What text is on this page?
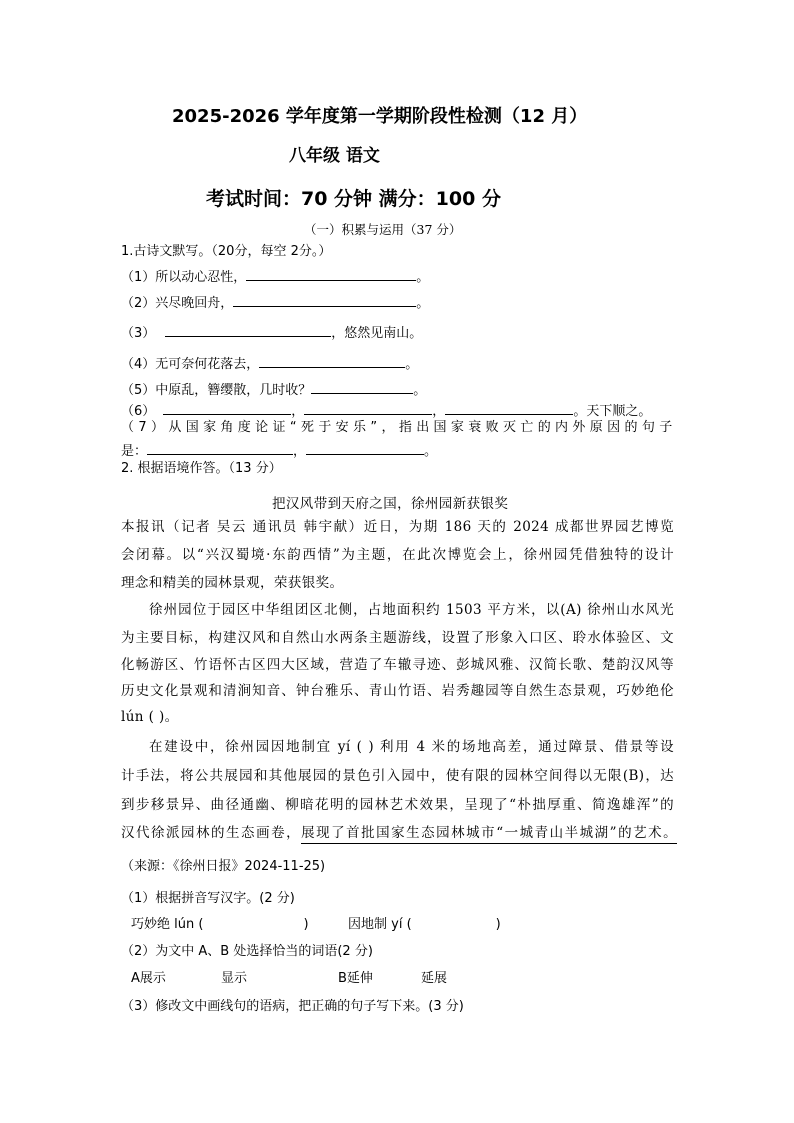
2025-2026 学年度第一学期阶段性检测（12 月）
八年级 语文
考试时间：70 分钟 满分：100 分
（一）积累与运用（37 分）
1.古诗文默写。（20分，每空 2分。）
（1）所以动心忍性，	。
（2）兴尽晚回舟，	。
（3）	，悠然见南山。
（4）无可奈何花落去，	。
（5）中原乱，簪缨散，几时收？	。
（6）	，	，	。天下顺之。
（7）从国家角度论证“死于安乐”，指出国家衰败灭亡的内外原因的句子
是：	，	。
2. 根据语境作答。（13 分）
把汉风带到天府之国，徐州园新获银奖
本报讯（记者 吴云 通讯员 韩宇献）近日，为期 186 天的 2024 成都世界园艺博览
会闭幕。以“兴汉蜀境·东韵西情”为主题，在此次博览会上，徐州园凭借独特的设计
理念和精美的园林景观，荣获银奖。
徐州园位于园区中华组团区北侧，占地面积约 1503 平方米，以(A) 徐州山水风光
为主要目标，构建汉风和自然山水两条主题游线，设置了形象入口区、聆水体验区、文
化畅游区、竹语怀古区四大区域，营造了车辙寻迹、彭城风雅、汉简长歌、楚韵汉风等
历史文化景观和清涧知音、钟台雅乐、青山竹语、岩秀趣园等自然生态景观，巧妙绝伦
lún ( )。
在建设中，徐州园因地制宜 yí ( ) 利用 4 米的场地高差，通过障景、借景等设
计手法，将公共展园和其他展园的景色引入园中，使有限的园林空间得以无限(B)，达
到步移景异、曲径通幽、柳暗花明的园林艺术效果，呈现了“朴拙厚重、简逸雄浑”的
汉代徐派园林的生态画卷，展现了首批国家生态园林城市“一城青山半城湖”的艺术。
（来源：《徐州日报》2024-11-25)
（1）根据拼音写汉字。(2 分)
巧妙绝 lún (	)	因地制 yí (	)
（2）为文中 A、B 处选择恰当的词语(2 分)
A展示	显示	B延伸	延展
（3）修改文中画线句的语病，把正确的句子写下来。(3 分)
